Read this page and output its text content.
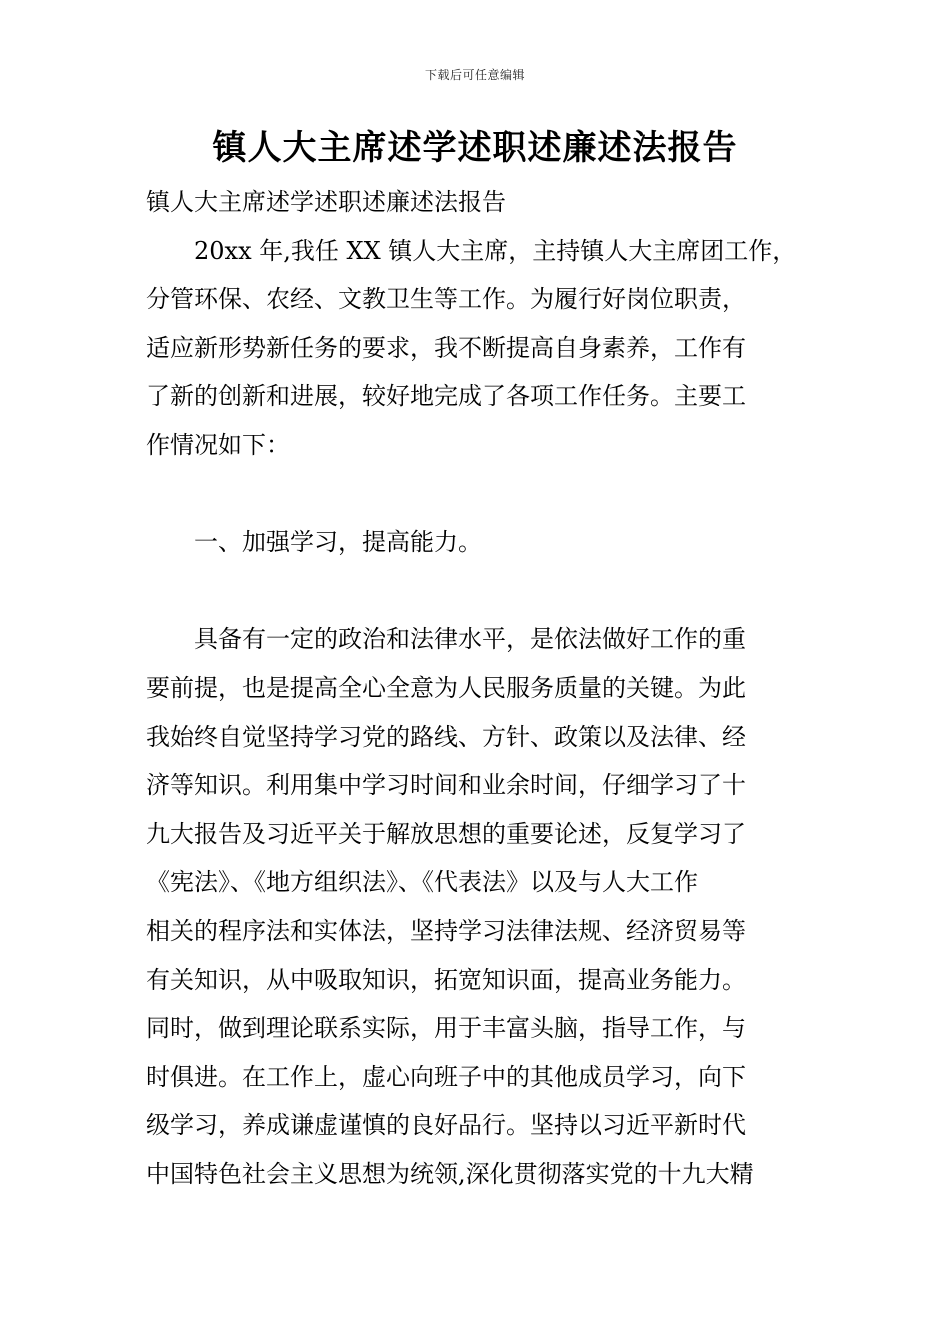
下载后可任意编辑
镇人大主席述学述职述廉述法报告
镇人大主席述学述职述廉述法报告
　　20xx 年,我任 XX 镇人大主席，主持镇人大主席团工作，
分管环保、农经、文教卫生等工作。为履行好岗位职责，
适应新形势新任务的要求，我不断提高自身素养，工作有
了新的创新和进展，较好地完成了各项工作任务。主要工
作情况如下：
　　一、加强学习，提高能力。
　　具备有一定的政治和法律水平，是依法做好工作的重
要前提，也是提高全心全意为人民服务质量的关键。为此
我始终自觉坚持学习党的路线、方针、政策以及法律、经
济等知识。利用集中学习时间和业余时间，仔细学习了十
九大报告及习近平关于解放思想的重要论述，反复学习了
《宪法》、《地方组织法》、《代表法》以及与人大工作
相关的程序法和实体法，坚持学习法律法规、经济贸易等
有关知识，从中吸取知识，拓宽知识面，提高业务能力。
同时，做到理论联系实际，用于丰富头脑，指导工作，与
时俱进。在工作上，虚心向班子中的其他成员学习，向下
级学习，养成谦虚谨慎的良好品行。坚持以习近平新时代
中国特色社会主义思想为统领,深化贯彻落实党的十九大精
